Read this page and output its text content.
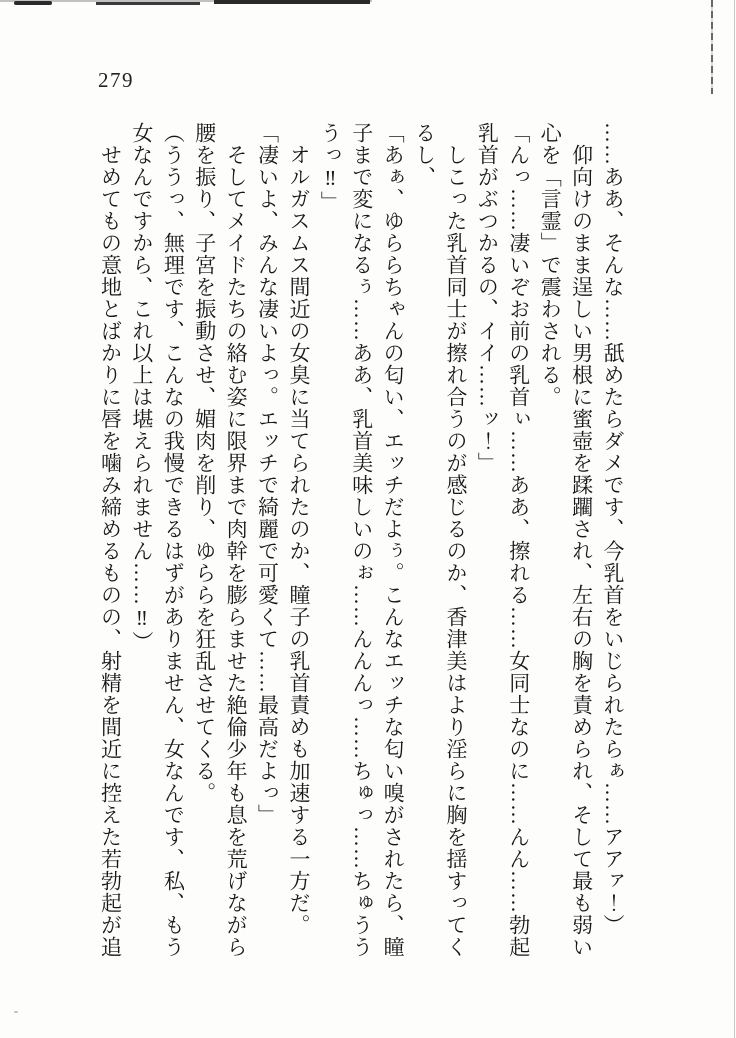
279

……ああ、そんな……舐めたらダメです、今乳首をいじられたらぁ……アアァ！）

仰向けのまま逞しい男根に蜜壺を蹂躙され、左右の胸を責められ、そして最も弱い心を「言霊」で震わされる。

「んっ……凄いぞお前の乳首ぃ……ああ、擦れる……女同士なのに……んん……勃起乳首がぶつかるの、イイ……ッ！」

しこった乳首同士が擦れ合うのが感じるのか、香津美はより淫らに胸を揺すってくるし、

「あぁ、ゆららちゃんの匂い、エッチだよぅ。こんなエッチな匂い嗅がされたら、瞳子まで変になるぅ……ああ、乳首美味しいのぉ……んんんっ……ちゅっ……ちゅうううっ‼」

オルガスムス間近の女臭に当てられたのか、瞳子の乳首責めも加速する一方だ。

「凄いよ、みんな凄いよっ。エッチで綺麗で可愛くて……最高だよっ」

そしてメイドたちの絡む姿に限界まで肉幹を膨らませた絶倫少年も息を荒げながら腰を振り、子宮を振動させ、媚肉を削り、ゆららを狂乱させてくる。

（ううっ、無理です、こんなの我慢できるはずがありません、女なんです、私、もう女なんですから、これ以上は堪えられません……‼）

せめてもの意地とばかりに唇を噛み締めるものの、射精を間近に控えた若勃起が追
